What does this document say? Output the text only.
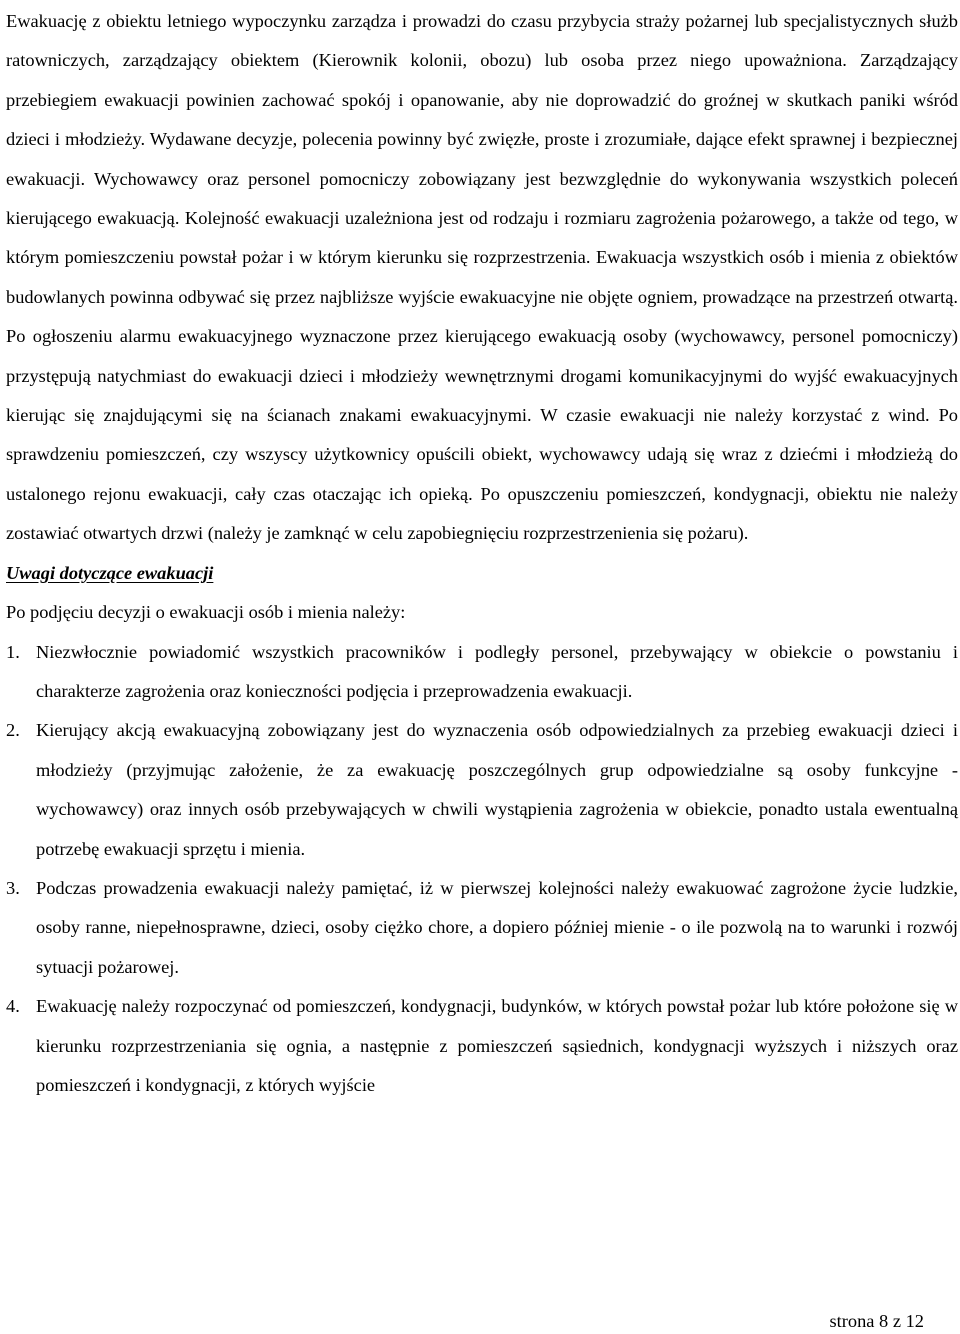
Ewakuację z obiektu letniego wypoczynku zarządza i prowadzi do czasu przybycia straży pożarnej lub specjalistycznych służb ratowniczych, zarządzający obiektem (Kierownik kolonii, obozu) lub osoba przez niego upoważniona. Zarządzający przebiegiem ewakuacji powinien zachować spokój i opanowanie, aby nie doprowadzić do groźnej w skutkach paniki wśród dzieci i młodzieży. Wydawane decyzje, polecenia powinny być zwięzłe, proste i zrozumiałe, dające efekt sprawnej i bezpiecznej ewakuacji. Wychowawcy oraz personel pomocniczy zobowiązany jest bezwzględnie do wykonywania wszystkich poleceń kierującego ewakuacją. Kolejność ewakuacji uzależniona jest od rodzaju i rozmiaru zagrożenia pożarowego, a także od tego, w którym pomieszczeniu powstał pożar i w którym kierunku się rozprzestrzenia. Ewakuacja wszystkich osób i mienia z obiektów budowlanych powinna odbywać się przez najbliższe wyjście ewakuacyjne nie objęte ogniem, prowadzące na przestrzeń otwartą. Po ogłoszeniu alarmu ewakuacyjnego wyznaczone przez kierującego ewakuacją osoby (wychowawcy, personel pomocniczy) przystępują natychmiast do ewakuacji dzieci i młodzieży wewnętrznymi drogami komunikacyjnymi do wyjść ewakuacyjnych kierując się znajdującymi się na ścianach znakami ewakuacyjnymi. W czasie ewakuacji nie należy korzystać z wind. Po sprawdzeniu pomieszczeń, czy wszyscy użytkownicy opuścili obiekt, wychowawcy udają się wraz z dziećmi i młodzieżą do ustalonego rejonu ewakuacji, cały czas otaczając ich opieką. Po opuszczeniu pomieszczeń, kondygnacji, obiektu nie należy zostawiać otwartych drzwi (należy je zamknąć w celu zapobiegnięciu rozprzestrzenienia się pożaru).

Uwagi dotyczące ewakuacji

Po podjęciu decyzji o ewakuacji osób i mienia należy:

1. Niezwłocznie powiadomić wszystkich pracowników i podległy personel, przebywający w obiekcie o powstaniu i charakterze zagrożenia oraz konieczności podjęcia i przeprowadzenia ewakuacji.
2. Kierujący akcją ewakuacyjną zobowiązany jest do wyznaczenia osób odpowiedzialnych za przebieg ewakuacji dzieci i młodzieży (przyjmując założenie, że za ewakuację poszczególnych grup odpowiedzialne są osoby funkcyjne - wychowawcy) oraz innych osób przebywających w chwili wystąpienia zagrożenia w obiekcie, ponadto ustala ewentualną potrzebę ewakuacji sprzętu i mienia.
3. Podczas prowadzenia ewakuacji należy pamiętać, iż w pierwszej kolejności należy ewakuować zagrożone życie ludzkie, osoby ranne, niepełnosprawne, dzieci, osoby ciężko chore, a dopiero później mienie - o ile pozwolą na to warunki i rozwój sytuacji pożarowej.
4. Ewakuację należy rozpoczynać od pomieszczeń, kondygnacji, budynków, w których powstał pożar lub które położone się w kierunku rozprzestrzeniania się ognia, a następnie z pomieszczeń sąsiednich, kondygnacji wyższych i niższych oraz pomieszczeń i kondygnacji, z których wyjście
strona 8 z 12
